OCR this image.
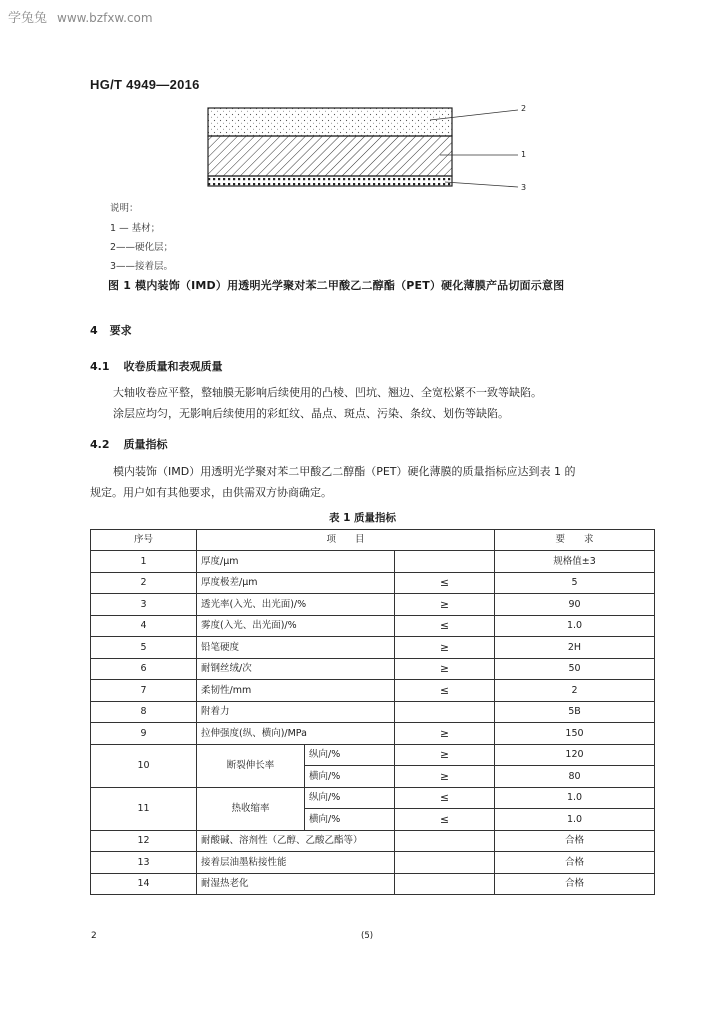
学兔兔 www.bzfxw.com
HG/T 4949—2016
2
1
3
说明：
1 — 基材；
2——硬化层；
3——接着层。
图 1 模内装饰（IMD）用透明光学聚对苯二甲酸乙二醇酯（PET）硬化薄膜产品切面示意图
4 要求
4.1 收卷质量和表观质量
大轴收卷应平整，整轴膜无影响后续使用的凸棱、凹坑、翘边、全宽松紧不一致等缺陷。
涂层应均匀，无影响后续使用的彩虹纹、晶点、斑点、污染、条纹、划伤等缺陷。
4.2 质量指标
模内装饰（IMD）用透明光学聚对苯二甲酸乙二醇酯（PET）硬化薄膜的质量指标应达到表 1 的
规定。用户如有其他要求，由供需双方协商确定。
表 1 质量指标
序号	项　　目			要　　求
1	厚度/μm			规格值±3
2	厚度极差/μm		≤	5
3	透光率(入光、出光面)/%		≥	90
4	雾度(入光、出光面)/%		≤	1.0
5	铅笔硬度		≥	2H
6	耐钢丝绒/次		≥	50
7	柔韧性/mm		≤	2
8	附着力			5B
9	拉伸强度(纵、横向)/MPa		≥	150
10	断裂伸长率	纵向/%	≥	120
		横向/%	≥	80
11	热收缩率	纵向/%	≤	1.0
		横向/%	≤	1.0
12	耐酸碱、溶剂性（乙醇、乙酸乙酯等）			合格
13	接着层油墨粘接性能			合格
14	耐湿热老化			合格
2	(5)
